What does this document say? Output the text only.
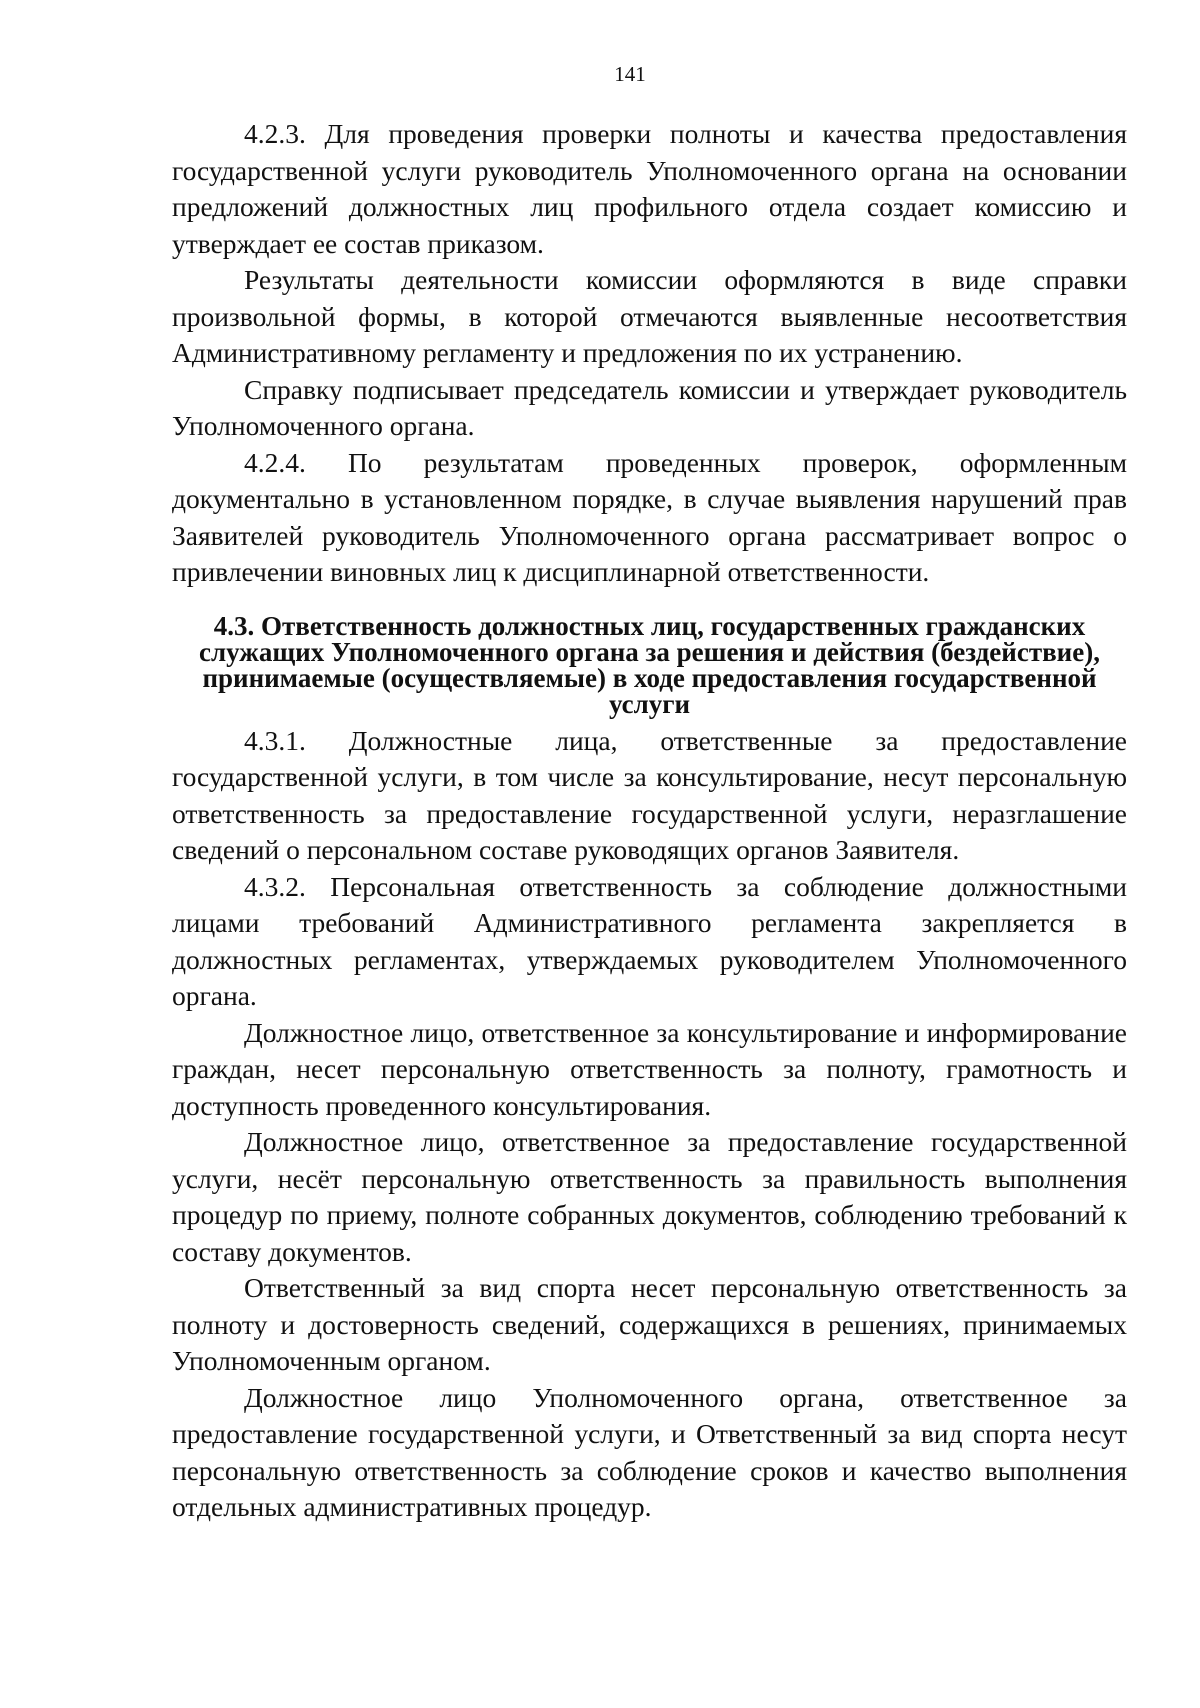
141

4.2.3. Для проведения проверки полноты и качества предоставления государственной услуги руководитель Уполномоченного органа на основании предложений должностных лиц профильного отдела создает комиссию и утверждает ее состав приказом.

Результаты деятельности комиссии оформляются в виде справки произвольной формы, в которой отмечаются выявленные несоответствия Административному регламенту и предложения по их устранению.

Справку подписывает председатель комиссии и утверждает руководитель Уполномоченного органа.

4.2.4. По результатам проведенных проверок, оформленным документально в установленном порядке, в случае выявления нарушений прав Заявителей руководитель Уполномоченного органа рассматривает вопрос о привлечении виновных лиц к дисциплинарной ответственности.

4.3. Ответственность должностных лиц, государственных гражданских служащих Уполномоченного органа за решения и действия (бездействие), принимаемые (осуществляемые) в ходе предоставления государственной услуги

4.3.1. Должностные лица, ответственные за предоставление государственной услуги, в том числе за консультирование, несут персональную ответственность за предоставление государственной услуги, неразглашение сведений о персональном составе руководящих органов Заявителя.

4.3.2. Персональная ответственность за соблюдение должностными лицами требований Административного регламента закрепляется в должностных регламентах, утверждаемых руководителем Уполномоченного органа.

Должностное лицо, ответственное за консультирование и информирование граждан, несет персональную ответственность за полноту, грамотность и доступность проведенного консультирования.

Должностное лицо, ответственное за предоставление государственной услуги, несёт персональную ответственность за правильность выполнения процедур по приему, полноте собранных документов, соблюдению требований к составу документов.

Ответственный за вид спорта несет персональную ответственность за полноту и достоверность сведений, содержащихся в решениях, принимаемых Уполномоченным органом.

Должностное лицо Уполномоченного органа, ответственное за предоставление государственной услуги, и Ответственный за вид спорта несут персональную ответственность за соблюдение сроков и качество выполнения отдельных административных процедур.
